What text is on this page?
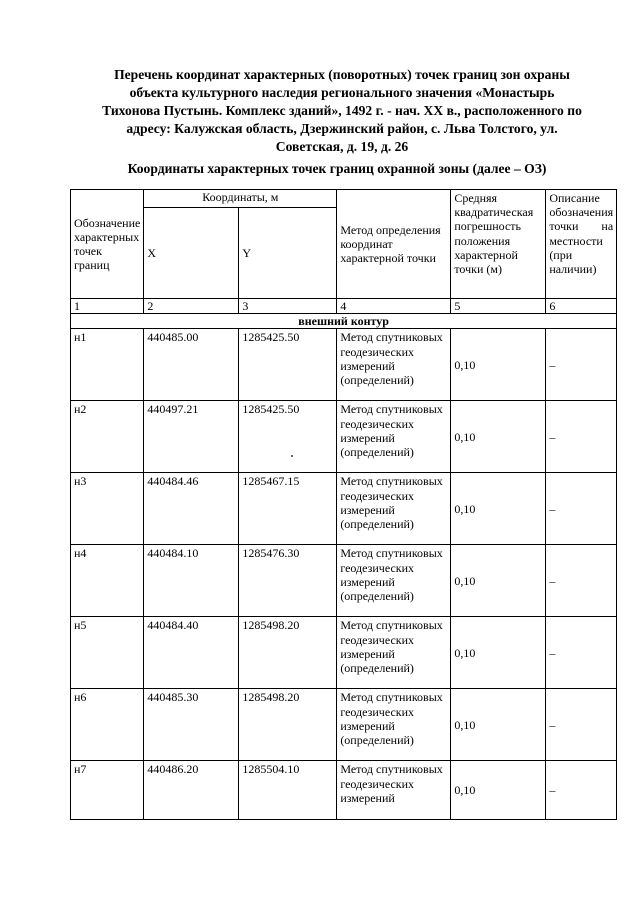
Перечень координат характерных (поворотных) точек границ зон охраны
объекта культурного наследия регионального значения «Монастырь
Тихонова Пустынь. Комплекс зданий», 1492 г. - нач. XX в., расположенного по
адресу: Калужская область, Дзержинский район, с. Льва Толстого, ул.
Советская, д. 19, д. 26
Координаты характерных точек границ охранной зоны (далее – ОЗ)
Обозначение характерных точек границ	Координаты, м		Метод определения координат характерной точки	Средняя квадратическая погрешность положения характерной точки (м)	Описание обозначения точки на местности (при наличии)
	X	Y			
1	2	3	4	5	6
внешний контур					
н1	440485.00	1285425.50	Метод спутниковых геодезических измерений (определений)	0,10	–
н2	440497.21	1285425.50	Метод спутниковых геодезических измерений (определений)	0,10	–
н3	440484.46	1285467.15	Метод спутниковых геодезических измерений (определений)	0,10	–
н4	440484.10	1285476.30	Метод спутниковых геодезических измерений (определений)	0,10	–
н5	440484.40	1285498.20	Метод спутниковых геодезических измерений (определений)	0,10	–
н6	440485.30	1285498.20	Метод спутниковых геодезических измерений (определений)	0,10	–
н7	440486.20	1285504.10	Метод спутниковых геодезических измерений	0,10	–
